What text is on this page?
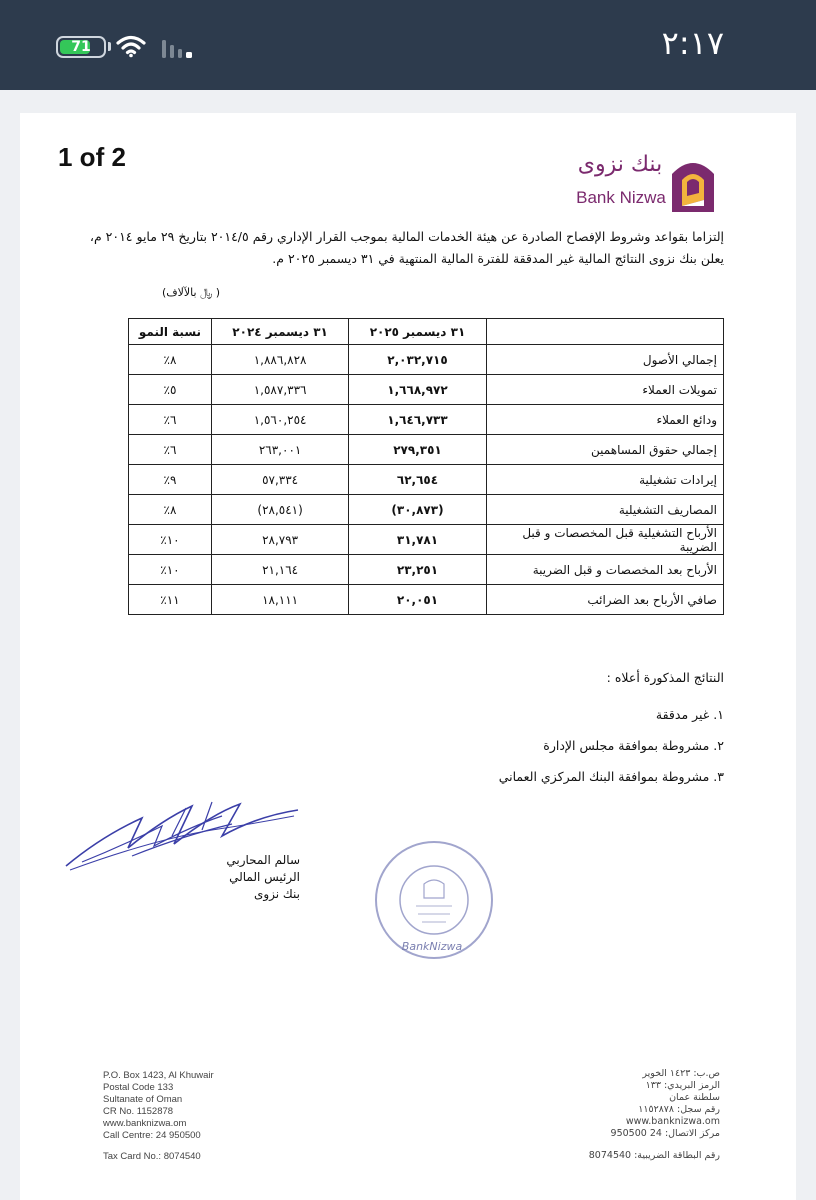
71	٢:١٧
1 of 2	بنك نزوى
Bank Nizwa
إلتزاما بقواعد وشروط الإفصاح الصادرة عن هيئة الخدمات المالية بموجب القرار الإداري رقم ٢٠١٤/٥ بتاريخ ٢٩ مايو ٢٠١٤ م،
يعلن بنك نزوى النتائج المالية غير المدققة للفترة المالية المنتهية في ٣١ ديسمبر ٢٠٢٥ م.
( ﷼ بالآلاف)
	٣١ ديسمبر ٢٠٢٥	٣١ ديسمبر ٢٠٢٤	نسبة النمو
إجمالي الأصول	٢,٠٣٢,٧١٥	١,٨٨٦,٨٢٨	٨٪
تمويلات العملاء	١,٦٦٨,٩٧٢	١,٥٨٧,٣٣٦	٥٪
ودائع العملاء	١,٦٤٦,٧٣٣	١,٥٦٠,٢٥٤	٦٪
إجمالي حقوق المساهمين	٢٧٩,٣٥١	٢٦٣,٠٠١	٦٪
إيرادات تشغيلية	٦٢,٦٥٤	٥٧,٣٣٤	٩٪
المصاريف التشغيلية	(٣٠,٨٧٣)	(٢٨,٥٤١)	٨٪
الأرباح التشغيلية قبل المخصصات و قبل الضريبة	٣١,٧٨١	٢٨,٧٩٣	١٠٪
الأرباح بعد المخصصات و قبل الضريبة	٢٣,٢٥١	٢١,١٦٤	١٠٪
صافي الأرباح بعد الضرائب	٢٠,٠٥١	١٨,١١١	١١٪
النتائج المذكورة أعلاه :
١. غير مدققة
٢. مشروطة بموافقة مجلس الإدارة
٣. مشروطة بموافقة البنك المركزي العماني
سالم المحاربي
الرئيس المالي
بنك نزوى
BankNizwa
P.O. Box 1423, Al Khuwair
Postal Code 133
Sultanate of Oman
CR No. 1152878
www.banknizwa.om
Call Centre: 24 950500
Tax Card No.: 8074540
ص.ب: ١٤٢٣ الخوير
الرمز البريدي: ١٣٣
سلطنة عمان
رقم سجل: ١١٥٢٨٧٨
www.banknizwa.om
مركز الاتصال: 24 950500
رقم البطاقة الضريبية: 8074540
